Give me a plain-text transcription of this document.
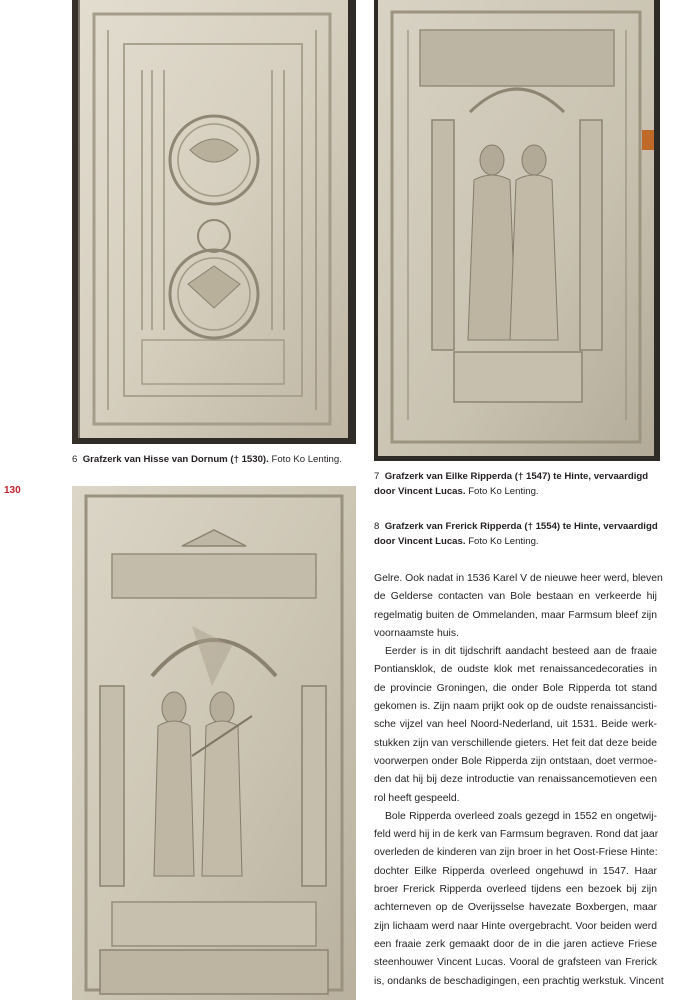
6 Grafzerk van Hisse van Dornum († 1530). Foto Ko Lenting.
7 Grafzerk van Eilke Ripperda († 1547) te Hinte, vervaardigd door Vincent Lucas. Foto Ko Lenting.
8 Grafzerk van Frerick Ripperda († 1554) te Hinte, vervaardigd door Vincent Lucas. Foto Ko Lenting.
130
Gelre. Ook nadat in 1536 Karel V de nieuwe heer werd, bleven
de Gelderse contacten van Bole bestaan en verkeerde hij
regelmatig buiten de Ommelanden, maar Farmsum bleef zijn
voornaamste huis.
Eerder is in dit tijdschrift aandacht besteed aan de fraaie
Pontiansklok, de oudste klok met renaissancedecoraties in
de provincie Groningen, die onder Bole Ripperda tot stand
gekomen is. Zijn naam prijkt ook op de oudste renaissancisti-
sche vijzel van heel Noord-Nederland, uit 1531. Beide werk-
stukken zijn van verschillende gieters. Het feit dat deze beide
voorwerpen onder Bole Ripperda zijn ontstaan, doet vermoe-
den dat hij bij deze introductie van renaissancemotieven een
rol heeft gespeeld.
Bole Ripperda overleed zoals gezegd in 1552 en ongetwij-
feld werd hij in de kerk van Farmsum begraven. Rond dat jaar
overleden de kinderen van zijn broer in het Oost-Friese Hinte:
dochter Eilke Ripperda overleed ongehuwd in 1547. Haar
broer Frerick Ripperda overleed tijdens een bezoek bij zijn
achterneven op de Overijsselse havezate Boxbergen, maar
zijn lichaam werd naar Hinte overgebracht. Voor beiden werd
een fraaie zerk gemaakt door de in die jaren actieve Friese
steenhouwer Vincent Lucas. Vooral de grafsteen van Frerick
is, ondanks de beschadigingen, een prachtig werkstuk. Vincent
